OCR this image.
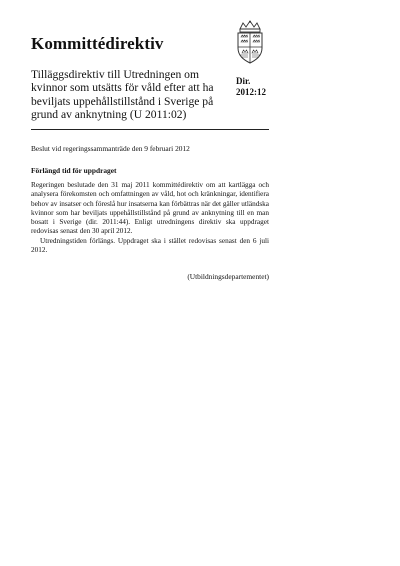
Kommittédirektiv
Tilläggsdirektiv till Utredningen om kvinnor som utsätts för våld efter att ha beviljats uppehållstillstånd i Sverige på grund av anknytning (U 2011:02)
Dir.
2012:12
Beslut vid regeringssammanträde den 9 februari 2012
Förlängd tid för uppdraget

Regeringen beslutade den 31 maj 2011 kommittédirektiv om att kartlägga och analysera förekomsten och omfattningen av våld, hot och kränkningar, identifiera behov av insatser och föreslå hur insatserna kan förbättras när det gäller utländska kvinnor som har beviljats uppehållstillstånd på grund av anknytning till en man bosatt i Sverige (dir. 2011:44). Enligt utredningens direktiv ska uppdraget redovisas senast den 30 april 2012.

Utredningstiden förlängs. Uppdraget ska i stället redovisas senast den 6 juli 2012.

(Utbildningsdepartementet)
